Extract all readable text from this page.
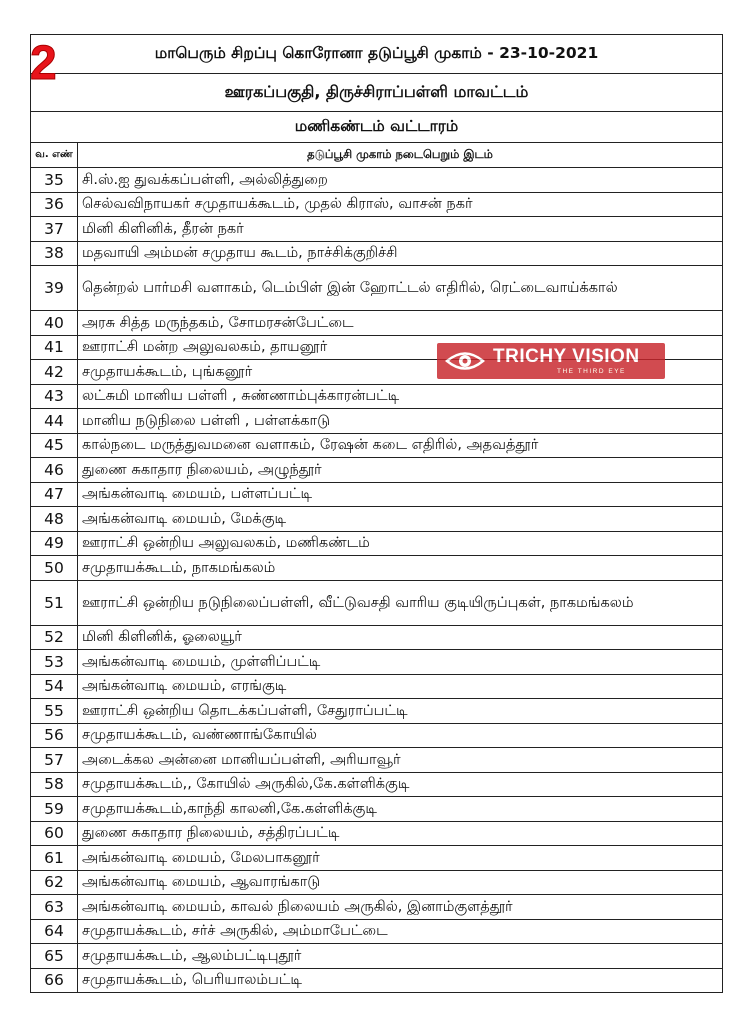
மாபெரும் சிறப்பு கொரோனா தடுப்பூசி முகாம் - 23-10-2021	
ஊரகப்பகுதி, திருச்சிராப்பள்ளி மாவட்டம்	
மணிகண்டம் வட்டாரம்	
வ. எண்	தடுப்பூசி முகாம் நடைபெறும் இடம்
35	சி.ஸ்.ஐ துவக்கப்பள்ளி, அல்லித்துறை
36	செல்வவிநாயகர் சமுதாயக்கூடம், முதல் கிராஸ், வாசன் நகர்
37	மினி கிளினிக், தீரன் நகர்
38	மதவாயி அம்மன் சமுதாய கூடம், நாச்சிக்குறிச்சி
39	தென்றல் பார்மசி வளாகம், டெம்பிள் இன் ஹோட்டல் எதிரில், ரெட்டைவாய்க்கால்
40	அரசு சித்த மருந்தகம், சோமரசன்பேட்டை
41	ஊராட்சி மன்ற அலுவலகம், தாயனூர்
42	சமுதாயக்கூடம், புங்கனூர்
43	லட்சுமி மானிய பள்ளி , சுண்ணாம்புக்காரன்பட்டி
44	மானிய நடுநிலை பள்ளி , பள்ளக்காடு
45	கால்நடை மருத்துவமனை வளாகம், ரேஷன் கடை எதிரில், அதவத்தூர்
46	துணை சுகாதார நிலையம், அழுந்தூர்
47	அங்கன்வாடி மையம், பள்ளப்பட்டி
48	அங்கன்வாடி மையம், மேக்குடி
49	ஊராட்சி ஒன்றிய அலுவலகம், மணிகண்டம்
50	சமுதாயக்கூடம், நாகமங்கலம்
51	ஊராட்சி ஒன்றிய நடுநிலைப்பள்ளி, வீட்டுவசதி வாரிய குடியிருப்புகள், நாகமங்கலம்
52	மினி கிளினிக், ஓலையூர்
53	அங்கன்வாடி மையம், முள்ளிப்பட்டி
54	அங்கன்வாடி மையம், எரங்குடி
55	ஊராட்சி ஒன்றிய தொடக்கப்பள்ளி, சேதுராப்பட்டி
56	சமுதாயக்கூடம், வண்ணாங்கோயில்
57	அடைக்கல அன்னை மானியப்பள்ளி, அரியாவூர்
58	சமுதாயக்கூடம்,, கோயில் அருகில்,கே.கள்ளிக்குடி
59	சமுதாயக்கூடம்,காந்தி காலனி,கே.கள்ளிக்குடி
60	துணை சுகாதார நிலையம், சத்திரப்பட்டி
61	அங்கன்வாடி மையம், மேலபாகனூர்
62	அங்கன்வாடி மையம், ஆவாரங்காடு
63	அங்கன்வாடி மையம், காவல் நிலையம் அருகில், இனாம்குளத்தூர்
64	சமுதாயக்கூடம், சர்ச் அருகில், அம்மாபேட்டை
65	சமுதாயக்கூடம், ஆலம்பட்டிபுதூர்
66	சமுதாயக்கூடம், பெரியாலம்பட்டி
2
TRICHY VISION
THE THIRD EYE
